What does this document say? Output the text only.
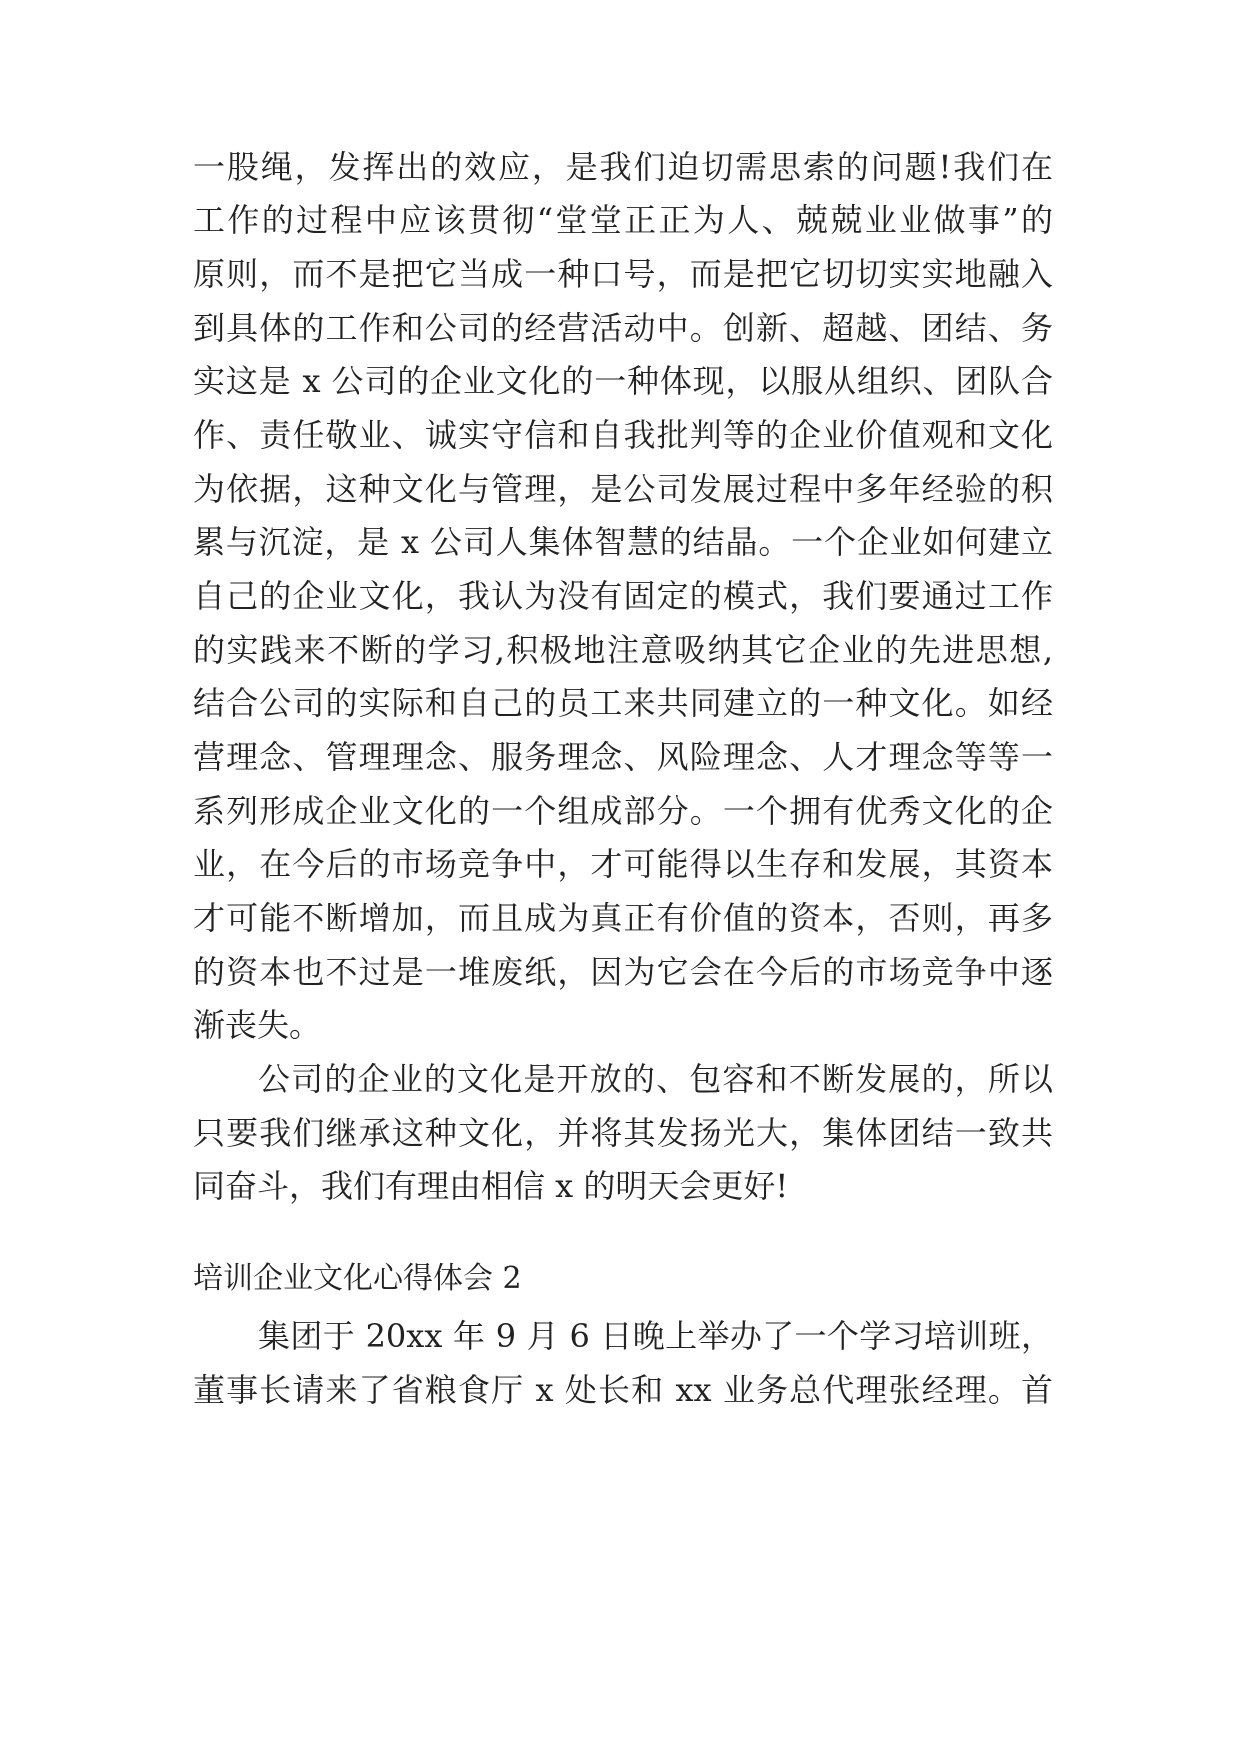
一股绳，发挥出的效应，是我们迫切需思索的问题!我们在
工作的过程中应该贯彻“堂堂正正为人、兢兢业业做事”的
原则，而不是把它当成一种口号，而是把它切切实实地融入
到具体的工作和公司的经营活动中。创新、超越、团结、务
实这是 x 公司的企业文化的一种体现，以服从组织、团队合
作、责任敬业、诚实守信和自我批判等的企业价值观和文化
为依据，这种文化与管理，是公司发展过程中多年经验的积
累与沉淀，是 x 公司人集体智慧的结晶。一个企业如何建立
自己的企业文化，我认为没有固定的模式，我们要通过工作
的实践来不断的学习,积极地注意吸纳其它企业的先进思想,
结合公司的实际和自己的员工来共同建立的一种文化。如经
营理念、管理理念、服务理念、风险理念、人才理念等等一
系列形成企业文化的一个组成部分。一个拥有优秀文化的企
业，在今后的市场竞争中，才可能得以生存和发展，其资本
才可能不断增加，而且成为真正有价值的资本，否则，再多
的资本也不过是一堆废纸，因为它会在今后的市场竞争中逐
渐丧失。
公司的企业的文化是开放的、包容和不断发展的，所以
只要我们继承这种文化，并将其发扬光大，集体团结一致共
同奋斗，我们有理由相信 x 的明天会更好!
培训企业文化心得体会 2
集团于 20xx 年 9 月 6 日晚上举办了一个学习培训班，
董事长请来了省粮食厅 x 处长和 xx 业务总代理张经理。首
